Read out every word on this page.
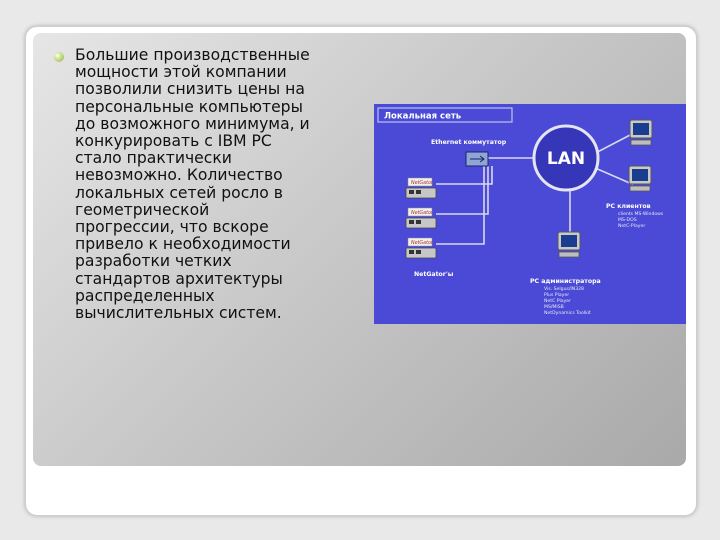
Большие производственные
мощности этой компании
позволили снизить цены на
персональные компьютеры
до возможного минимума, и
конкурировать с IBM PC
стало практически
невозможно. Количество
локальных сетей росло в
геометрической
прогрессии, что вскоре
привело к необходимости
разработки четких
стандартов архитектуры
распределенных
вычислительных систем.
Локальная сеть
Ethernet коммутатор
LAN
NetGator
NetGator
NetGator
NetGator'ы
PC клиентов
clients MS-Windows
MS-DOS
NetC-Player
PC администратора
Vis. Selgus/IN328
Plus Player
NetC Player
MS/MISB
NetDynamics Toolkit
